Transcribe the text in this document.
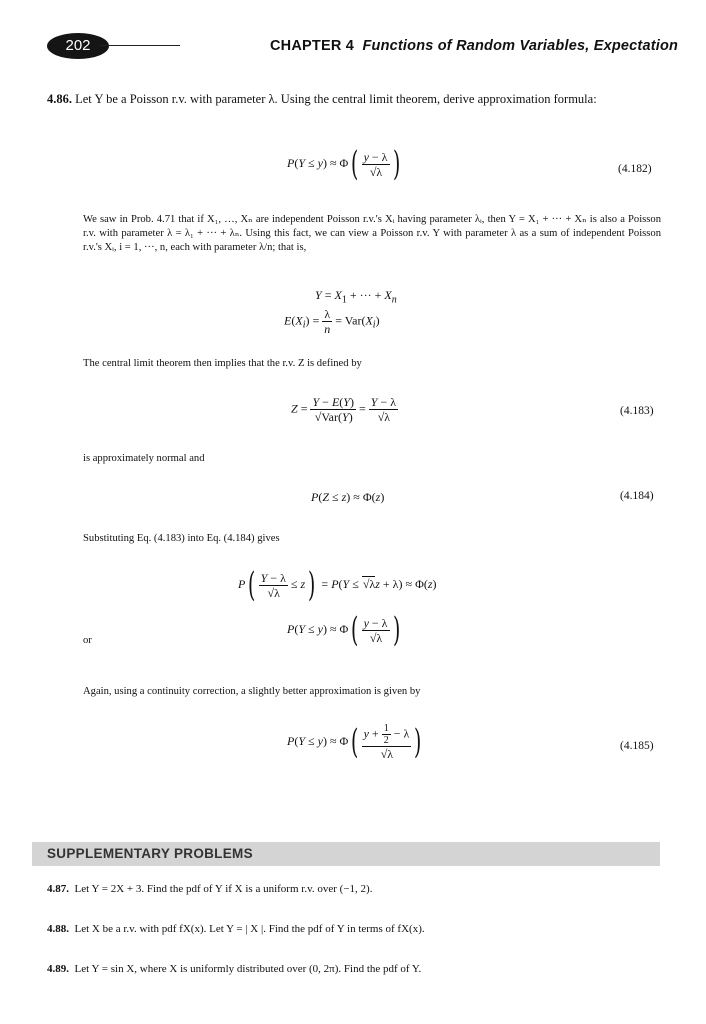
202	CHAPTER 4 Functions of Random Variables, Expectation
4.86. Let Y be a Poisson r.v. with parameter λ. Using the central limit theorem, derive approximation formula:
$P(Y \le y) \approx \Phi( \frac{y - \lambda}{√\lambda}$ )	(4.182)
We saw in Prob. 4.71 that if X₁, …, Xₙ are independent Poisson r.v.'s Xᵢ having parameter λᵢ, then Y = X₁ + ··· + Xₙ is also a Poisson r.v. with parameter λ = λ₁ + ··· + λₙ. Using this fact, we can view a Poisson r.v. Y with parameter λ as a sum of independent Poisson r.v.'s Xᵢ, i = 1, ···, n, each with parameter λ/n; that is,
$Y = X_1$ + ··· + $X_n$
$E(X_i) = \frac{\lambda}{n} = Var(X_i)$
The central limit theorem then implies that the r.v. Z is defined by
$Z = \frac{Y - E(Y)}{\text{√Var(Y)}} = \frac{Y - \lambda}{√\lambda}$	(4.183)
is approximately normal and
P(Z ≤ z) ≈ Φ(z)	(4.184)
Substituting Eq. (4.183) into Eq. (4.184) gives
$P( \frac{Y - \lambda}{√\lambda} \le z) = P(Y \le √\lambda z + \lambda) \approx \Phi(z)$
or
$P(Y \le y) \approx \Phi( \frac{y - \lambda}{√\lambda}$ )
Again, using a continuity correction, a slightly better approximation is given by
$P(Y \le y) \approx \Phi( \frac{y + \frac{1}{2} - \lambda}{√\lambda}$ )	(4.185)
SUPPLEMENTARY PROBLEMS
4.87. Let Y = 2X + 3. Find the pdf of Y if X is a uniform r.v. over (−1, 2).
4.88. Let X be a r.v. with pdf fX(x). Let Y = | X |. Find the pdf of Y in terms of fX(x).
4.89. Let Y = sin X, where X is uniformly distributed over (0, 2π). Find the pdf of Y.
